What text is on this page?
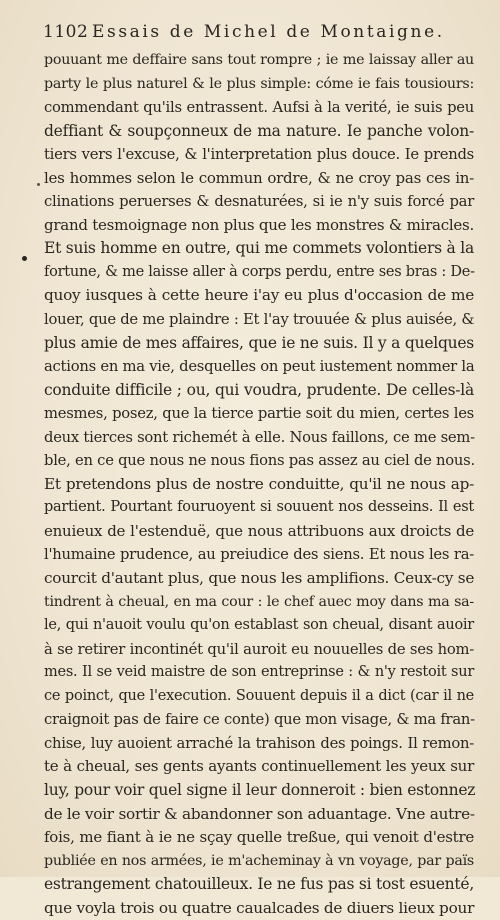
1102 Essais de Michel de Montaigne.
pouuant me deffaire sans tout rompre ; ie me laissay aller au
party le plus naturel & le plus simple: cóme ie fais tousiours:
commendant qu'ils entrassent. Aufsi à la verité, ie suis peu
deffiant & soupçonneux de ma nature. Ie panche volon-
tiers vers l'excuse, & l'interpretation plus douce. Ie prends
les hommes selon le commun ordre, & ne croy pas ces in-
clinations peruerses & desnaturées, si ie n'y suis forcé par
grand tesmoignage non plus que les monstres & miracles.
Et suis homme en outre, qui me commets volontiers à la
fortune, & me laisse aller à corps perdu, entre ses bras : De-
quoy iusques à cette heure i'ay eu plus d'occasion de me
louer, que de me plaindre : Et l'ay trouuée & plus auisée, &
plus amie de mes affaires, que ie ne suis. Il y a quelques
actions en ma vie, desquelles on peut iustement nommer la
conduite difficile ; ou, qui voudra, prudente. De celles-là
mesmes, posez, que la tierce partie soit du mien, certes les
deux tierces sont richemét à elle. Nous faillons, ce me sem-
ble, en ce que nous ne nous fions pas assez au ciel de nous.
Et pretendons plus de nostre conduitte, qu'il ne nous ap-
partient. Pourtant fouruoyent si souuent nos desseins. Il est
enuieux de l'estenduë, que nous attribuons aux droicts de
l'humaine prudence, au preiudice des siens. Et nous les ra-
courcit d'autant plus, que nous les amplifions. Ceux-cy se
tindrent à cheual, en ma cour : le chef auec moy dans ma sa-
le, qui n'auoit voulu qu'on establast son cheual, disant auoir
à se retirer incontinét qu'il auroit eu nouuelles de ses hom-
mes. Il se veid maistre de son entreprinse : & n'y restoit sur
ce poinct, que l'execution. Souuent depuis il a dict (car il ne
craignoit pas de faire ce conte) que mon visage, & ma fran-
chise, luy auoient arraché la trahison des poings. Il remon-
te à cheual, ses gents ayants continuellement les yeux sur
luy, pour voir quel signe il leur donneroit : bien estonnez
de le voir sortir & abandonner son aduantage. Vne autre-
fois, me fiant à ie ne sçay quelle treßue, qui venoit d'estre
publiée en nos armées, ie m'acheminay à vn voyage, par païs
estrangement chatouilleux. Ie ne fus pas si tost esuenté,
que voyla trois ou quatre caualcades de diuers lieux pour
